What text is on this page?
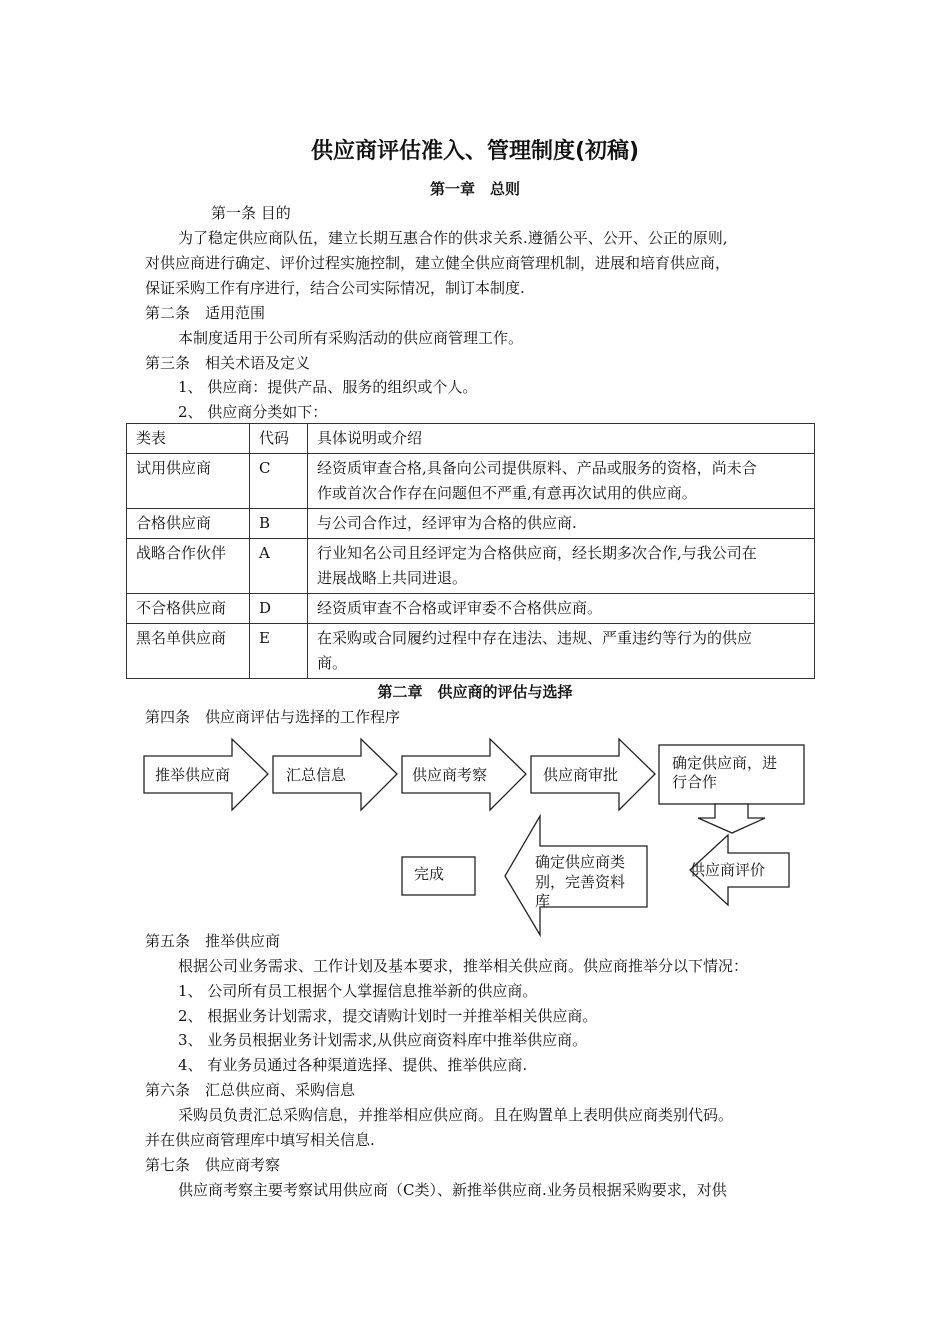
供应商评估准入、管理制度(初稿)
第一章　总则
第一条 目的
为了稳定供应商队伍，建立长期互惠合作的供求关系.遵循公平、公开、公正的原则,
对供应商进行确定、评价过程实施控制，建立健全供应商管理机制，进展和培育供应商，
保证采购工作有序进行，结合公司实际情况，制订本制度.
第二条　适用范围
本制度适用于公司所有采购活动的供应商管理工作。
第三条　相关术语及定义
1、 供应商：提供产品、服务的组织或个人。
2、 供应商分类如下：
类表	代码	具体说明或介绍
试用供应商	C	经资质审查合格,具备向公司提供原料、产品或服务的资格，尚未合
作或首次合作存在问题但不严重,有意再次试用的供应商。

合格供应商	B	与公司合作过，经评审为合格的供应商.

战略合作伙伴	A	行业知名公司且经评定为合格供应商，经长期多次合作,与我公司在
进展战略上共同进退。

不合格供应商	D	经资质审查不合格或评审委不合格供应商。

黑名单供应商	E	在采购或合同履约过程中存在违法、违规、严重违约等行为的供应
商。
第二章　供应商的评估与选择
第四条　供应商评估与选择的工作程序
推举供应商	汇总信息	供应商考察	供应商审批
确定供应商，进
行合作
供应商评价
确定供应商类
别，完善资料
库
完成
第五条　推举供应商
根据公司业务需求、工作计划及基本要求，推举相关供应商。供应商推举分以下情况：
1、 公司所有员工根据个人掌握信息推举新的供应商。
2、 根据业务计划需求，提交请购计划时一并推举相关供应商。
3、 业务员根据业务计划需求,从供应商资料库中推举供应商。
4、 有业务员通过各种渠道选择、提供、推举供应商.
第六条　汇总供应商、采购信息
采购员负责汇总采购信息，并推举相应供应商。且在购置单上表明供应商类别代码。
并在供应商管理库中填写相关信息.
第七条　供应商考察
供应商考察主要考察试用供应商（C类）、新推举供应商.业务员根据采购要求，对供
